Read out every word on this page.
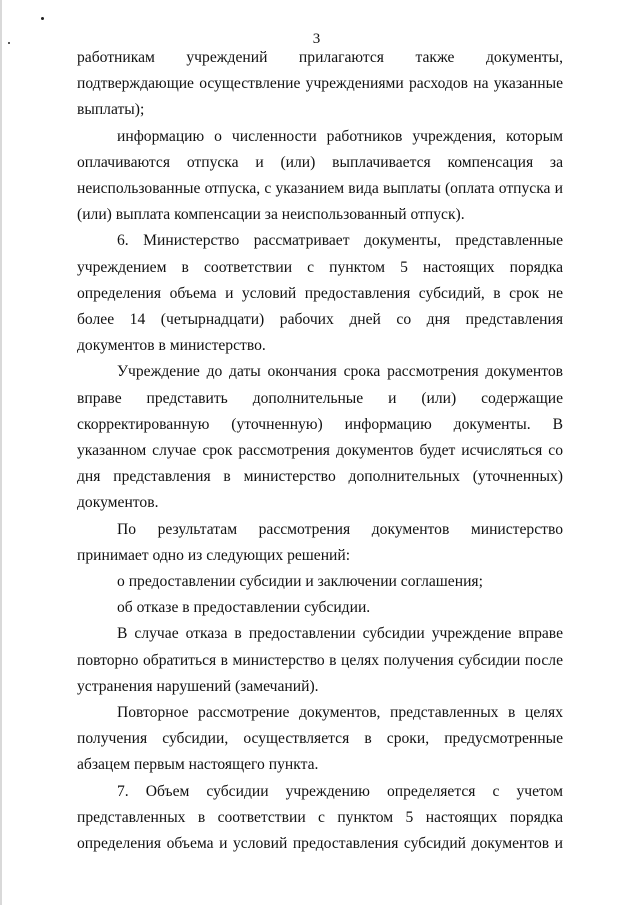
3

работникам учреждений прилагаются также документы, подтверждающие осуществление учреждениями расходов на указанные выплаты);

информацию о численности работников учреждения, которым оплачиваются отпуска и (или) выплачивается компенсация за неиспользованные отпуска, с указанием вида выплаты (оплата отпуска и (или) выплата компенсации за неиспользованный отпуск).

6. Министерство рассматривает документы, представленные учреждением в соответствии с пунктом 5 настоящих порядка определения объема и условий предоставления субсидий, в срок не более 14 (четырнадцати) рабочих дней со дня представления документов в министерство.

Учреждение до даты окончания срока рассмотрения документов вправе представить дополнительные и (или) содержащие скорректированную (уточненную) информацию документы. В указанном случае срок рассмотрения документов будет исчисляться со дня представления в министерство дополнительных (уточненных) документов.

По результатам рассмотрения документов министерство принимает одно из следующих решений:

о предоставлении субсидии и заключении соглашения;

об отказе в предоставлении субсидии.

В случае отказа в предоставлении субсидии учреждение вправе повторно обратиться в министерство в целях получения субсидии после устранения нарушений (замечаний).

Повторное рассмотрение документов, представленных в целях получения субсидии, осуществляется в сроки, предусмотренные абзацем первым настоящего пункта.

7. Объем субсидии учреждению определяется с учетом представленных в соответствии с пунктом 5 настоящих порядка определения объема и условий предоставления субсидий документов и
